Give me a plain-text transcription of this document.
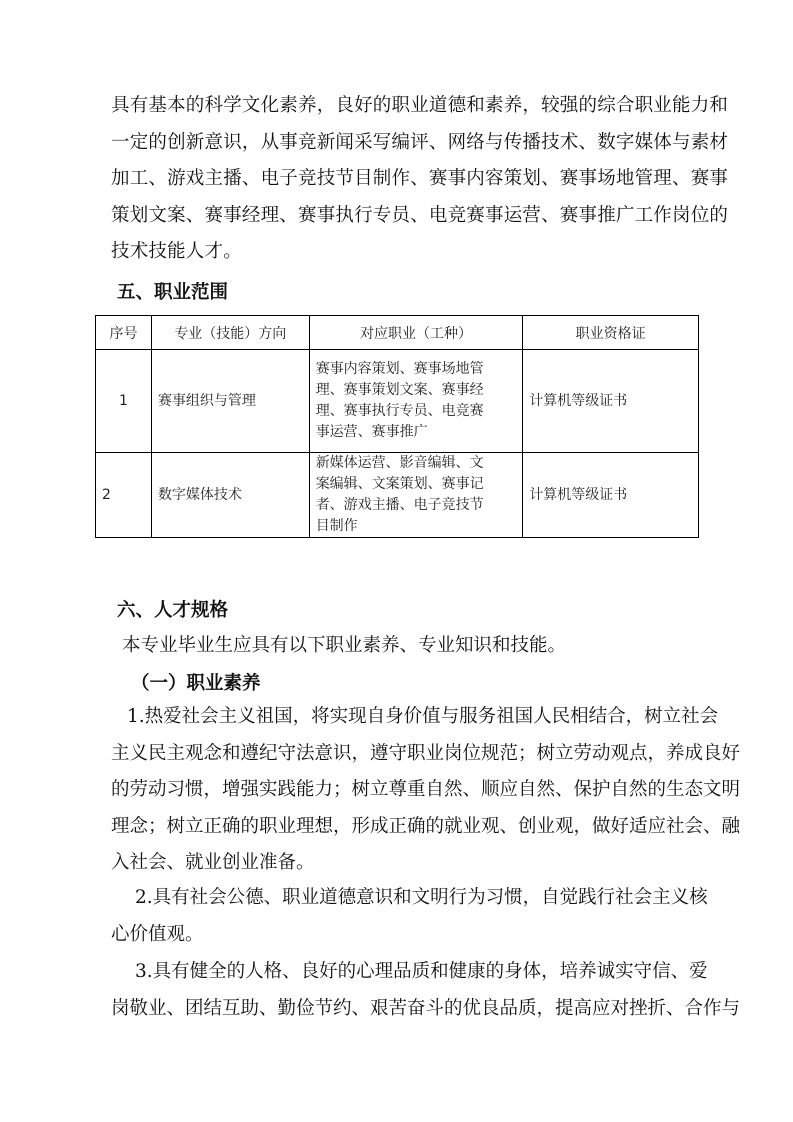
具有基本的科学文化素养，良好的职业道德和素养，较强的综合职业能力和
一定的创新意识，从事竞新闻采写编评、网络与传播技术、数字媒体与素材
加工、游戏主播、电子竞技节目制作、赛事内容策划、赛事场地管理、赛事
策划文案、赛事经理、赛事执行专员、电竞赛事运营、赛事推广工作岗位的
技术技能人才。
五、职业范围
序号	专业（技能）方向	对应职业（工种）	职业资格证
1	赛事组织与管理	赛事内容策划、赛事场地管
理、赛事策划文案、赛事经
理、赛事执行专员、电竞赛
事运营、赛事推广	计算机等级证书
2	数字媒体技术	新媒体运营、影音编辑、文
案编辑、文案策划、赛事记
者、游戏主播、电子竞技节
目制作	计算机等级证书
六、人才规格
本专业毕业生应具有以下职业素养、专业知识和技能。
（一）职业素养
1.热爱社会主义祖国，将实现自身价值与服务祖国人民相结合，树立社会
主义民主观念和遵纪守法意识，遵守职业岗位规范；树立劳动观点，养成良好
的劳动习惯，增强实践能力；树立尊重自然、顺应自然、保护自然的生态文明
理念；树立正确的职业理想，形成正确的就业观、创业观，做好适应社会、融
入社会、就业创业准备。
2.具有社会公德、职业道德意识和文明行为习惯，自觉践行社会主义核
心价值观。
3.具有健全的人格、良好的心理品质和健康的身体，培养诚实守信、爱
岗敬业、团结互助、勤俭节约、艰苦奋斗的优良品质，提高应对挫折、合作与
